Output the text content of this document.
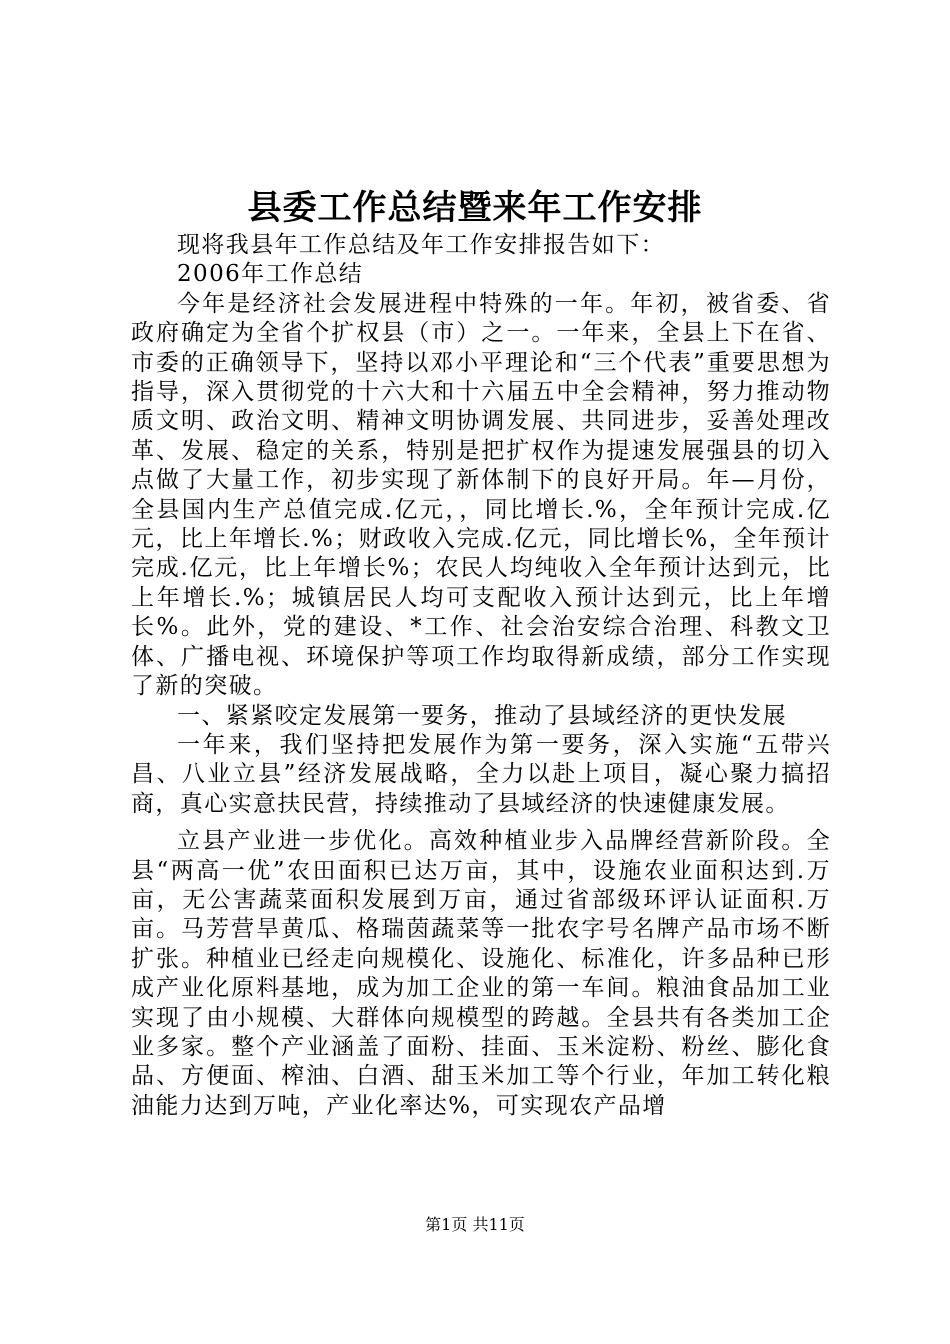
县委工作总结暨来年工作安排

现将我县年工作总结及年工作安排报告如下：

2006年工作总结

今年是经济社会发展进程中特殊的一年。年初，被省委、省政府确定为全省个扩权县（市）之一。一年来，全县上下在省、市委的正确领导下，坚持以邓小平理论和“三个代表”重要思想为指导，深入贯彻党的十六大和十六届五中全会精神，努力推动物质文明、政治文明、精神文明协调发展、共同进步，妥善处理改革、发展、稳定的关系，特别是把扩权作为提速发展强县的切入点做了大量工作，初步实现了新体制下的良好开局。年—月份，全县国内生产总值完成.亿元，，同比增长.%，全年预计完成.亿元，比上年增长.%；财政收入完成.亿元，同比增长%，全年预计完成.亿元，比上年增长%；农民人均纯收入全年预计达到元，比上年增长.%；城镇居民人均可支配收入预计达到元，比上年增长%。此外，党的建设、*工作、社会治安综合治理、科教文卫体、广播电视、环境保护等项工作均取得新成绩，部分工作实现了新的突破。

一、紧紧咬定发展第一要务，推动了县域经济的更快发展

一年来，我们坚持把发展作为第一要务，深入实施“五带兴昌、八业立县”经济发展战略，全力以赴上项目，凝心聚力搞招商，真心实意扶民营，持续推动了县域经济的快速健康发展。

立县产业进一步优化。高效种植业步入品牌经营新阶段。全县“两高一优”农田面积已达万亩，其中，设施农业面积达到.万亩，无公害蔬菜面积发展到万亩，通过省部级环评认证面积.万亩。马芳营旱黄瓜、格瑞茵蔬菜等一批农字号名牌产品市场不断扩张。种植业已经走向规模化、设施化、标准化，许多品种已形成产业化原料基地，成为加工企业的第一车间。粮油食品加工业实现了由小规模、大群体向规模型的跨越。全县共有各类加工企业多家。整个产业涵盖了面粉、挂面、玉米淀粉、粉丝、膨化食品、方便面、榨油、白酒、甜玉米加工等个行业，年加工转化粮油能力达到万吨，产业化率达%，可实现农产品增

第1页 共11页
